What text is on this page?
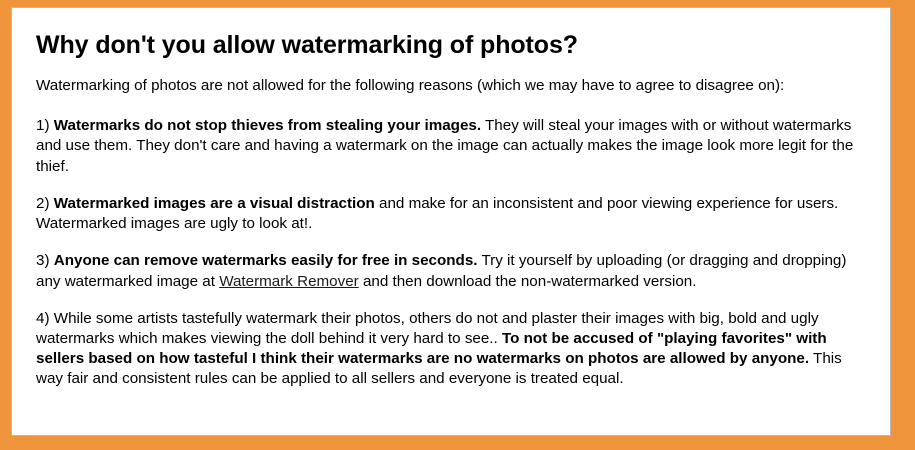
Why don't you allow watermarking of photos?

Watermarking of photos are not allowed for the following reasons (which we may have to agree to disagree on):

1) Watermarks do not stop thieves from stealing your images. They will steal your images with or without watermarks and use them. They don't care and having a watermark on the image can actually makes the image look more legit for the thief.

2) Watermarked images are a visual distraction and make for an inconsistent and poor viewing experience for users. Watermarked images are ugly to look at!.

3) Anyone can remove watermarks easily for free in seconds. Try it yourself by uploading (or dragging and dropping) any watermarked image at Watermark Remover and then download the non-watermarked version.

4) While some artists tastefully watermark their photos, others do not and plaster their images with big, bold and ugly watermarks which makes viewing the doll behind it very hard to see.. To not be accused of "playing favorites" with sellers based on how tasteful I think their watermarks are no watermarks on photos are allowed by anyone. This way fair and consistent rules can be applied to all sellers and everyone is treated equal.
